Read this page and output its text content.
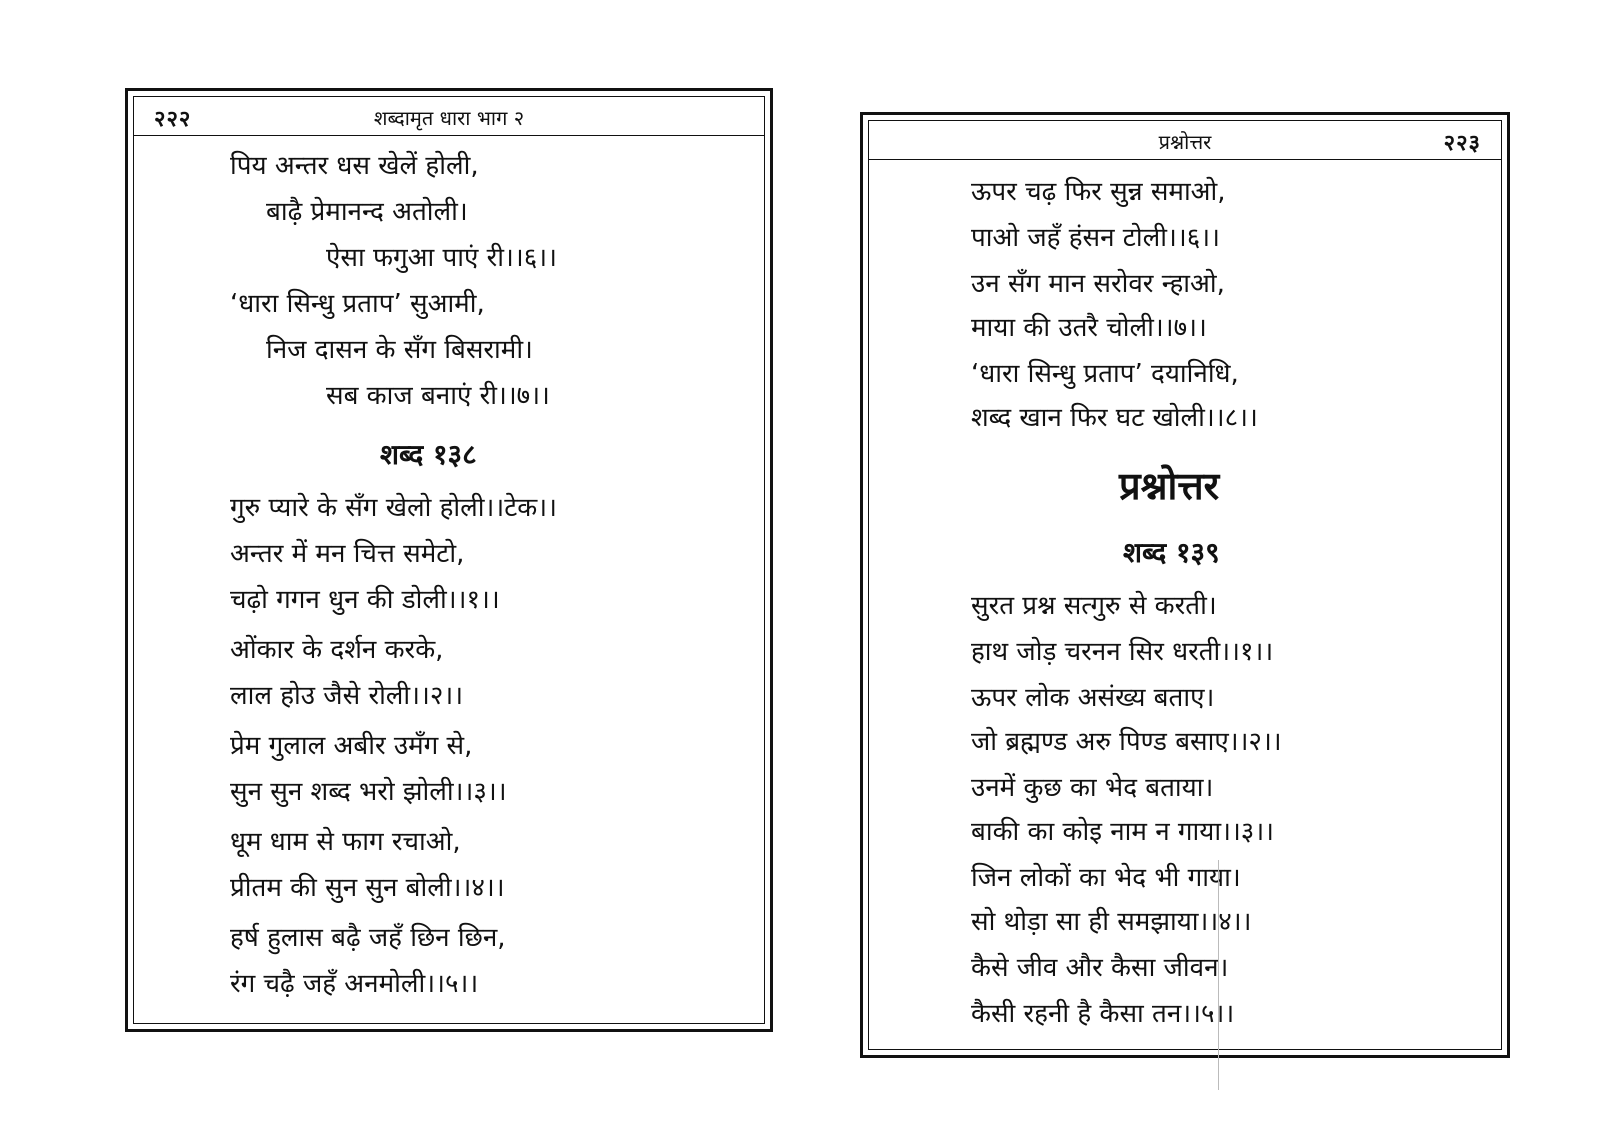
२२२	शब्दामृत धारा भाग २
पिय अन्तर धस खेलें होली,
बाढ़ै प्रेमानन्द अतोली।
ऐसा फगुआ पाएं री।।६।।
‘धारा सिन्धु प्रताप’ सुआमी,
निज दासन के सँग बिसरामी।
सब काज बनाएं री।।७।।
शब्द १३८
गुरु प्यारे के सँग खेलो होली।।टेक।।
अन्तर में मन चित्त समेटो,
चढ़ो गगन धुन की डोली।।१।।
ओंकार के दर्शन करके,
लाल होउ जैसे रोली।।२।।
प्रेम गुलाल अबीर उमँग से,
सुन सुन शब्द भरो झोली।।३।।
धूम धाम से फाग रचाओ,
प्रीतम की सुन सुन बोली।।४।।
हर्ष हुलास बढ़ै जहँ छिन छिन,
रंग चढ़ै जहँ अनमोली।।५।।
प्रश्नोत्तर	२२३
ऊपर चढ़ फिर सुन्न समाओ,
पाओ जहँ हंसन टोली।।६।।
उन सँग मान सरोवर न्हाओ,
माया की उतरै चोली।।७।।
‘धारा सिन्धु प्रताप’ दयानिधि,
शब्द खान फिर घट खोली।।८।।
प्रश्नोत्तर
शब्द १३९
सुरत प्रश्न सत्गुरु से करती।
हाथ जोड़ चरनन सिर धरती।।१।।
ऊपर लोक असंख्य बताए।
जो ब्रह्मण्ड अरु पिण्ड बसाए।।२।।
उनमें कुछ का भेद बताया।
बाकी का कोइ नाम न गाया।।३।।
जिन लोकों का भेद भी गाया।
सो थोड़ा सा ही समझाया।।४।।
कैसे जीव और कैसा जीवन।
कैसी रहनी है कैसा तन।।५।।
